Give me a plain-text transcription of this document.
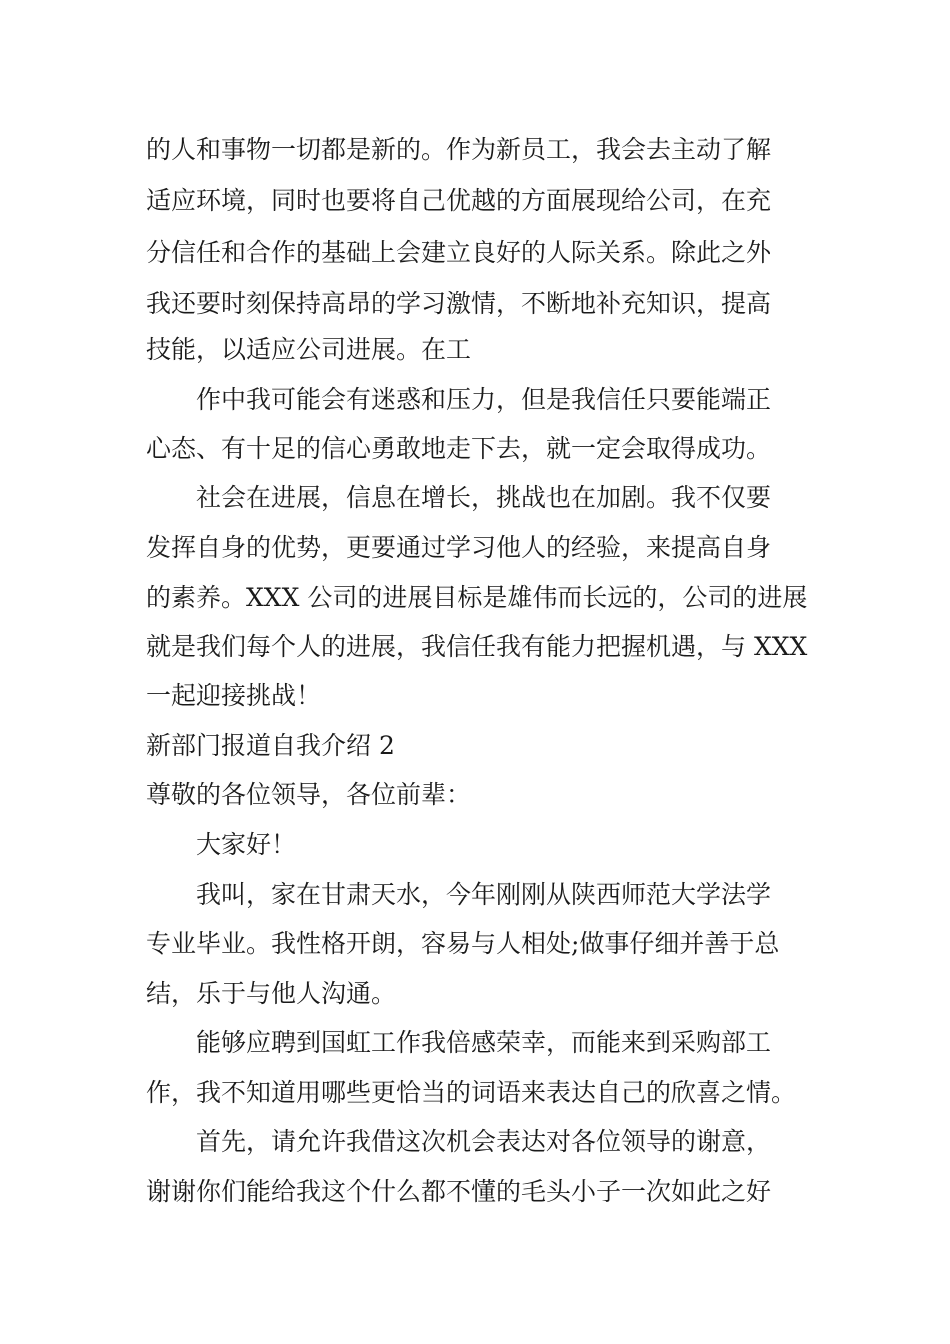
的人和事物一切都是新的。作为新员工，我会去主动了解
适应环境，同时也要将自己优越的方面展现给公司，在充
分信任和合作的基础上会建立良好的人际关系。除此之外
我还要时刻保持高昂的学习激情，不断地补充知识，提高
技能，以适应公司进展。在工
作中我可能会有迷惑和压力，但是我信任只要能端正
心态、有十足的信心勇敢地走下去，就一定会取得成功。
社会在进展，信息在增长，挑战也在加剧。我不仅要
发挥自身的优势，更要通过学习他人的经验，来提高自身
的素养。XXX 公司的进展目标是雄伟而长远的，公司的进展
就是我们每个人的进展，我信任我有能力把握机遇，与 XXX
一起迎接挑战！
新部门报道自我介绍 2
尊敬的各位领导，各位前辈：
大家好！
我叫，家在甘肃天水，今年刚刚从陕西师范大学法学
专业毕业。我性格开朗，容易与人相处;做事仔细并善于总
结，乐于与他人沟通。
能够应聘到国虹工作我倍感荣幸，而能来到采购部工
作，我不知道用哪些更恰当的词语来表达自己的欣喜之情。
首先，请允许我借这次机会表达对各位领导的谢意，
谢谢你们能给我这个什么都不懂的毛头小子一次如此之好
